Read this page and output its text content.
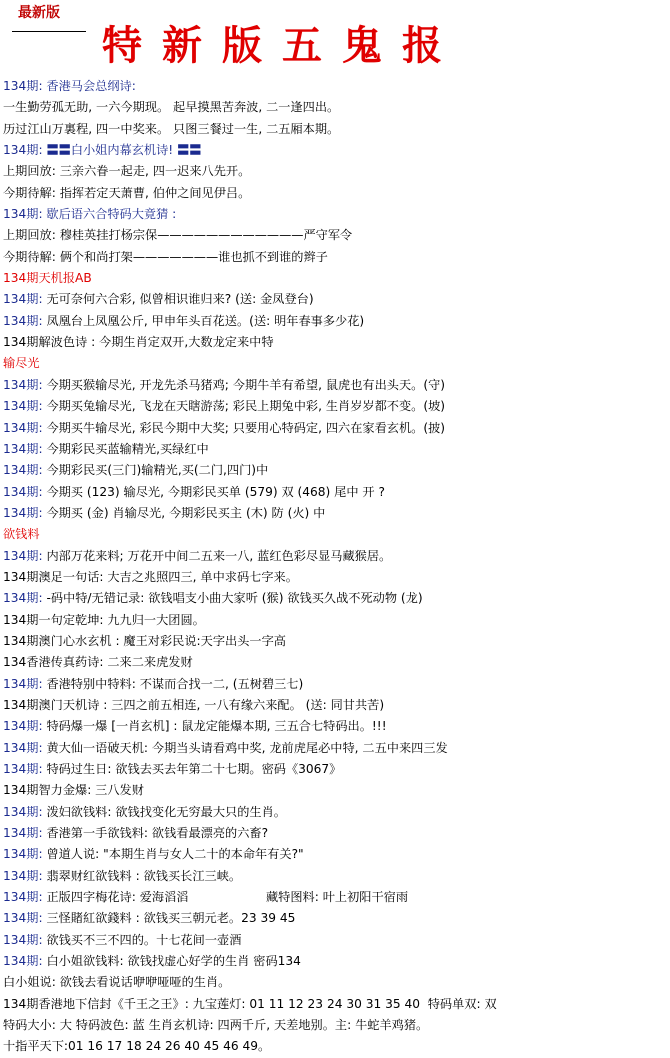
最新版
特新版五鬼报
134期: 香港马会总纲诗:
一生勤劳孤无助, 一六今期现。 起早摸黑苦奔波, 二一逢四出。
历过江山万裏程, 四一中奖来。 只图三餐过一生, 二五厢本期。
134期: 〓〓白小姐内幕玄机诗! 〓〓
上期回放: 三亲六眷一起走, 四一迟来八先开。
今期待解: 指挥若定天萧曹, 伯仲之间见伊吕。
134期: 歇后语六合特码大竟猜 :
上期回放: 穆桂英挂打杨宗保————————————严守军令
今期待解: 俩个和尚打架———————谁也抓不到谁的辫子
134期天机报AB
134期: 无可奈何六合彩, 似曾相识谁归来? (送: 金凤登台)
134期: 凤凰台上凤凰公斤, 甲申年头百花送。(送: 明年春事多少花)
134期解波色诗 : 今期生肖定双开,大数龙定来中特
输尽光
134期: 今期买猴输尽光, 开龙先杀马猪鸡; 今期牛羊有希望, 鼠虎也有出头天。(守)
134期: 今期买兔输尽光, 飞龙在天瞎游荡; 彩民上期兔中彩, 生肖岁岁都不变。(坡)
134期: 今期买牛输尽光, 彩民今期中大奖; 只要用心特码定, 四六在家看玄机。(披)
134期: 今期彩民买蓝输精光,买绿红中
134期: 今期彩民买(三门)输精光,买(二门,四门)中
134期: 今期买 (123) 输尽光, 今期彩民买单 (579) 双 (468) 尾中 开 ?
134期: 今期买 (金) 肖输尽光, 今期彩民买主 (木) 防 (火) 中
欲钱料
134期: 内部万花来料; 万花开中间二五来一八, 蓝红色彩尽显马藏猴居。
134期澳足一句话: 大吉之兆照四三, 单中求码七字来。
134期: -码中特/无错记录: 欲钱唱支小曲大家听 (猴) 欲钱买久战不死动物 (龙)
134期一句定乾坤: 九九归一大团圆。
134期澳门心水玄机 : 魔王对彩民说:天字出头一字高
134香港传真药诗: 二来二来虎发财
134期: 香港特别中特料: 不谋而合找一二, (五树碧三七)
134期澳门天机诗 : 三四之前五相连, 一八有缘六来配。 (送: 同甘共苦)
134期: 特码爆一爆 [一肖玄机] : 鼠龙定能爆本期, 三五合七特码出。!!!
134期: 黄大仙一语破天机: 今期当头请看鸡中奖, 龙前虎尾必中特, 二五中来四三发
134期: 特码过生日: 欲钱去买去年第二十七期。密码《3067》
134期智力金爆: 三八发财
134期: 泼妇欲钱料: 欲钱找变化无穷最大只的生肖。
134期: 香港第一手欲钱料: 欲钱看最漂亮的六畜?
134期: 曾道人说: "本期生肖与女人二十的本命年有关?"
134期: 翡翠财红欲钱料 : 欲钱买长江三峡。
134期: 正版四字梅花诗: 爱海滔滔                    藏特图料: 叶上初阳干宿雨
134期: 三怪賭紅欲錢料 : 欲钱买三朝元老。23 39 45
134期: 欲钱买不三不四的。十七花间一壶酒
134期: 白小姐欲钱料: 欲钱找虚心好学的生肖 密码134
白小姐说: 欲钱去看说话咿咿哑哑的生肖。
134期香港地下信封《千王之王》: 九宝莲灯: 01 11 12 23 24 30 31 35 40  特码单双: 双
特码大小: 大 特码波色: 蓝 生肖玄机诗: 四两千斤, 天差地别。主: 牛蛇羊鸡猪。
十指平天下:01 16 17 18 24 26 40 45 46 49。
